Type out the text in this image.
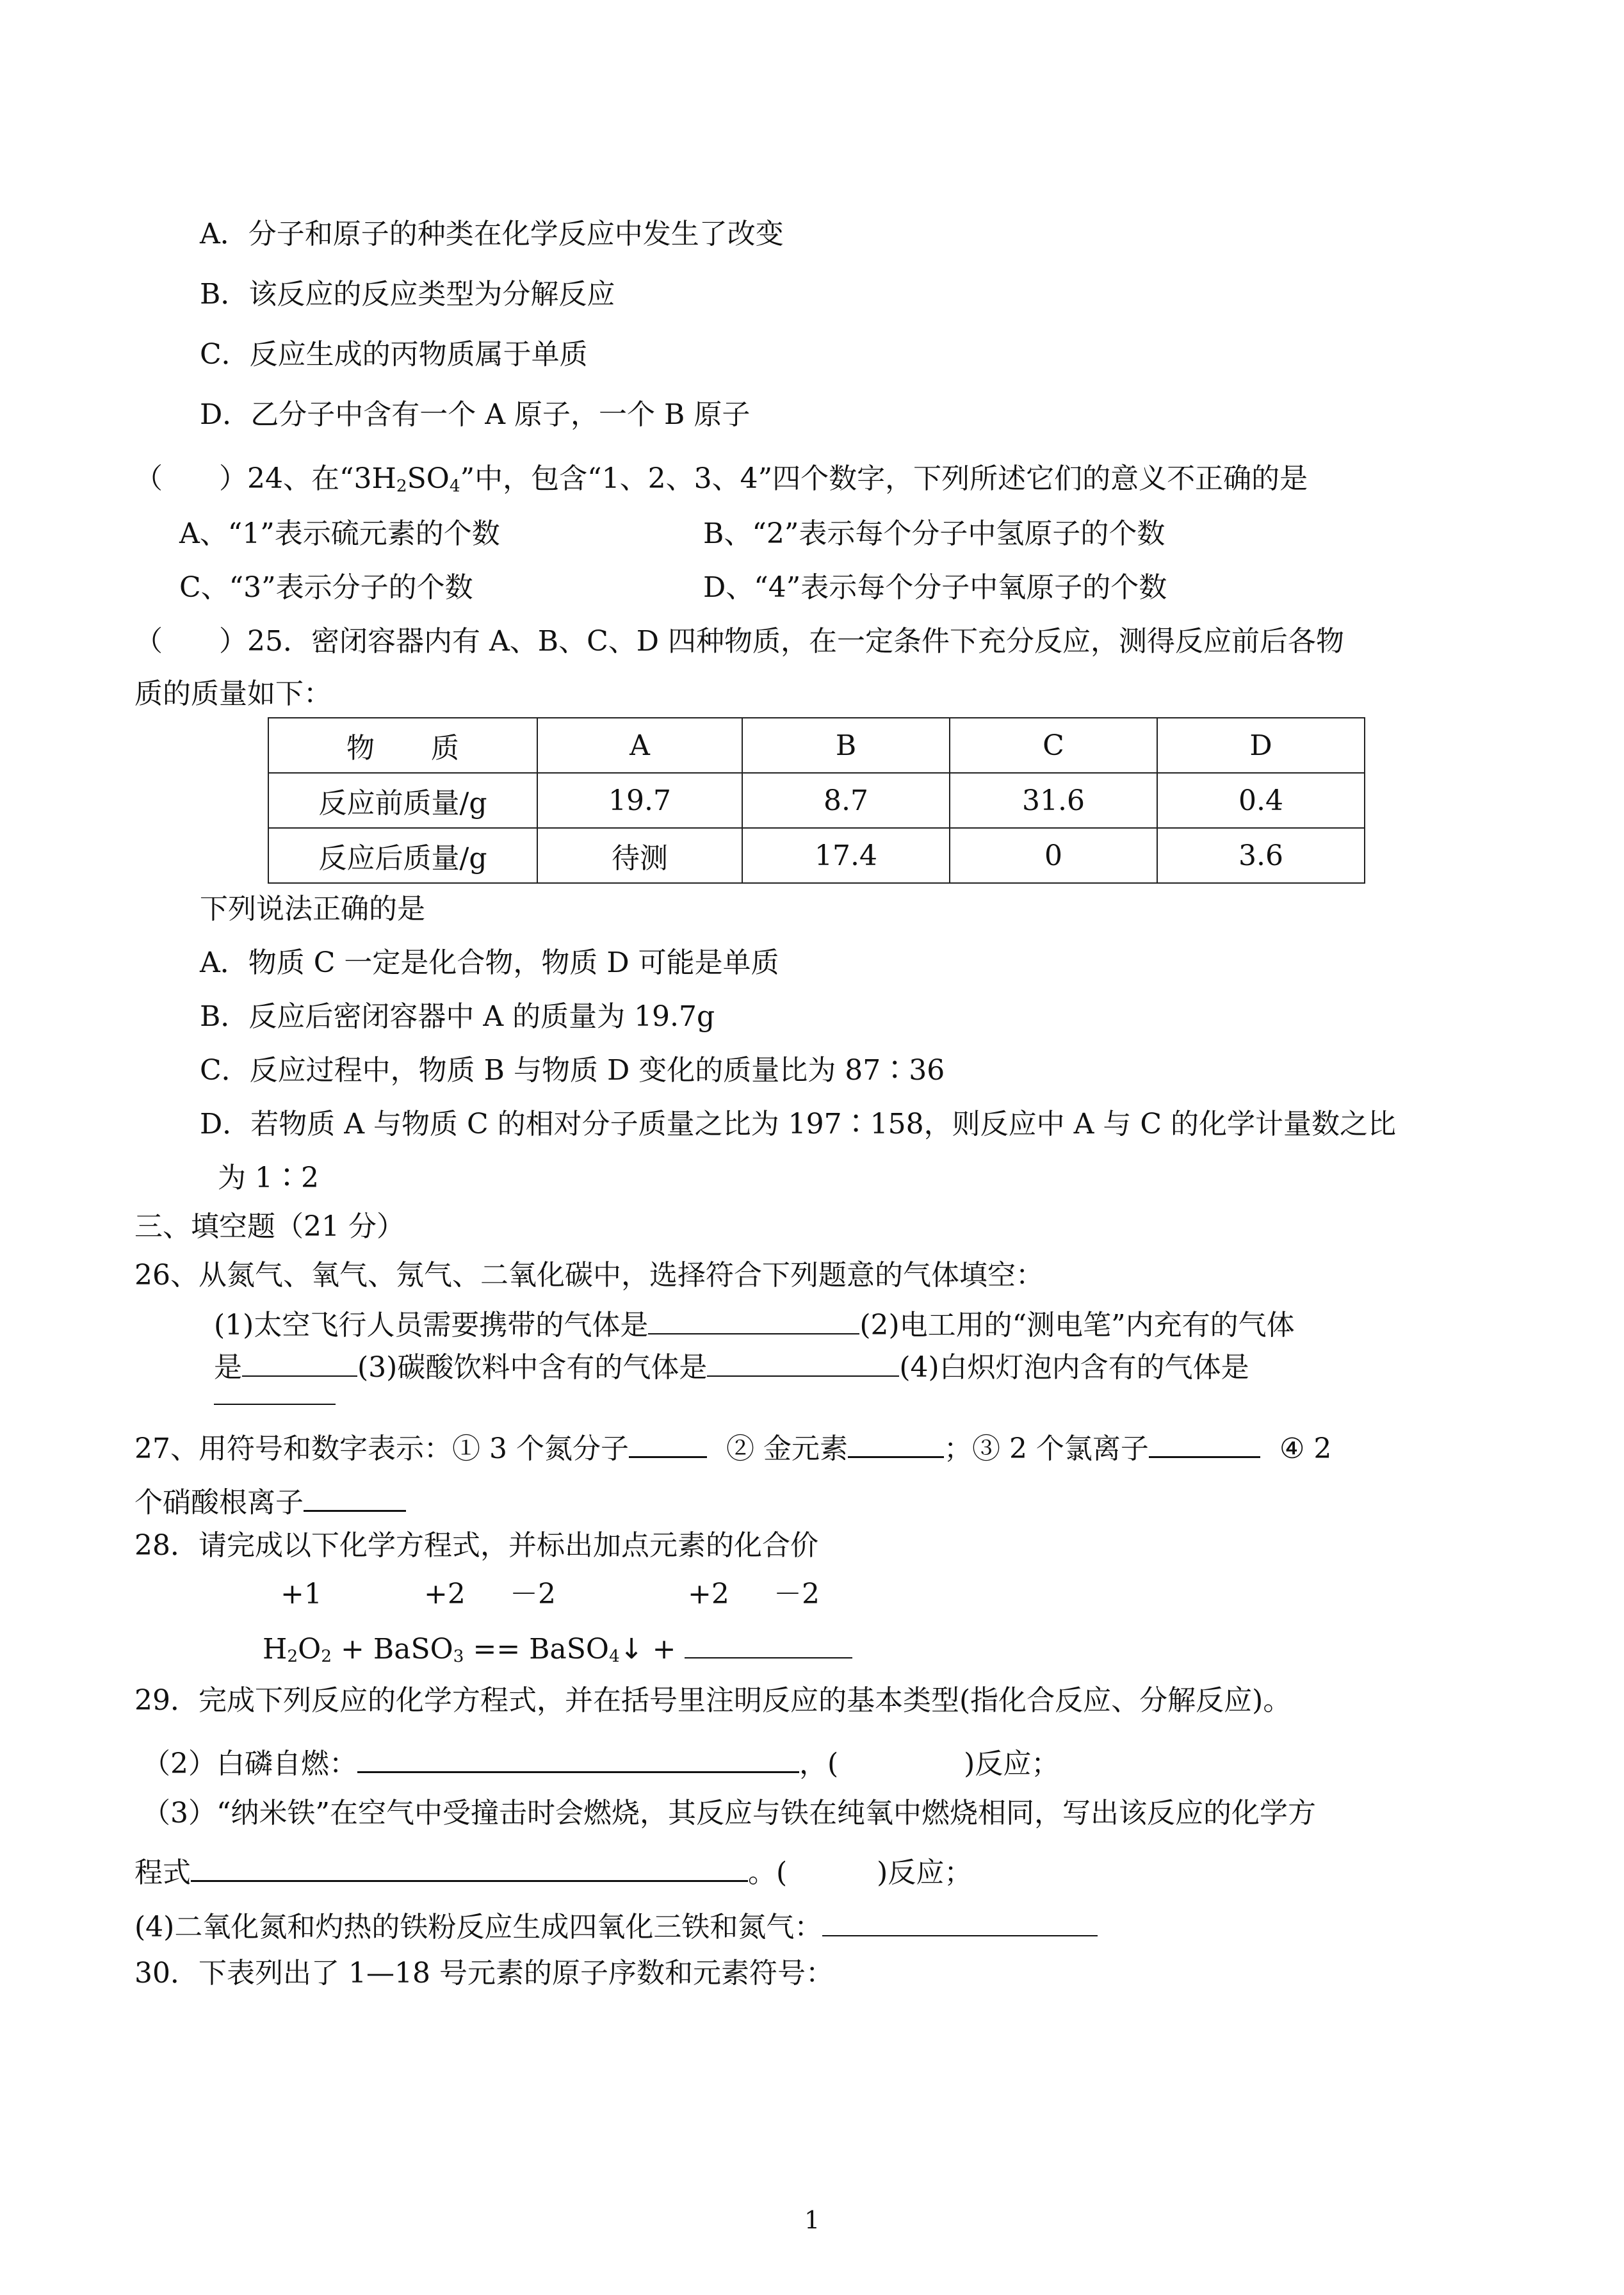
A．分子和原子的种类在化学反应中发生了改变
B．该反应的反应类型为分解反应
C．反应生成的丙物质属于单质
D．乙分子中含有一个 A 原子，一个 B 原子
（　　）24、在“$3H_2SO_4$”中，包含“1、2、3、4”四个数字，下列所述它们的意义不正确的是
A、“1”表示硫元素的个数	B、“2”表示每个分子中氢原子的个数
C、“3”表示分子的个数	D、“4”表示每个分子中氧原子的个数
（　　）25．密闭容器内有 A、B、C、D 四种物质，在一定条件下充分反应，测得反应前后各物
质的质量如下：
物　　质	A	B	C	D
反应前质量/g	19.7	8.7	31.6	0.4
反应后质量/g	待测	17.4	0	3.6
下列说法正确的是
A．物质 C 一定是化合物，物质 D 可能是单质
B．反应后密闭容器中 A 的质量为 19.7g
C．反应过程中，物质 B 与物质 D 变化的质量比为 87∶36
D．若物质 A 与物质 C 的相对分子质量之比为 197∶158，则反应中 A 与 C 的化学计量数之比
为 1∶2
三、填空题（21 分）
26、从氮气、氧气、氖气、二氧化碳中，选择符合下列题意的气体填空：
(1)太空飞行人员需要携带的气体是	(2)电工用的“测电笔”内充有的气体
是	(3)碳酸饮料中含有的气体是	(4)白炽灯泡内含有的气体是
27、用符号和数字表示：① 3 个氮分子	② 金元素	；③ 2 个氯离子	④ 2
个硝酸根离子
28．请完成以下化学方程式，并标出加点元素的化合价
+1	+2 －2	+2 －2
$H_2O_2$ + BaSO$_3$ == BaSO$_4$↓ +
29．完成下列反应的化学方程式，并在括号里注明反应的基本类型(指化合反应、分解反应)。
（2）白磷自燃：	，(	)反应；
（3）“纳米铁”在空气中受撞击时会燃烧，其反应与铁在纯氧中燃烧相同，写出该反应的化学方
程式	。(	)反应；
(4)二氧化氮和灼热的铁粉反应生成四氧化三铁和氮气：
30．下表列出了 1—18 号元素的原子序数和元素符号：
1
